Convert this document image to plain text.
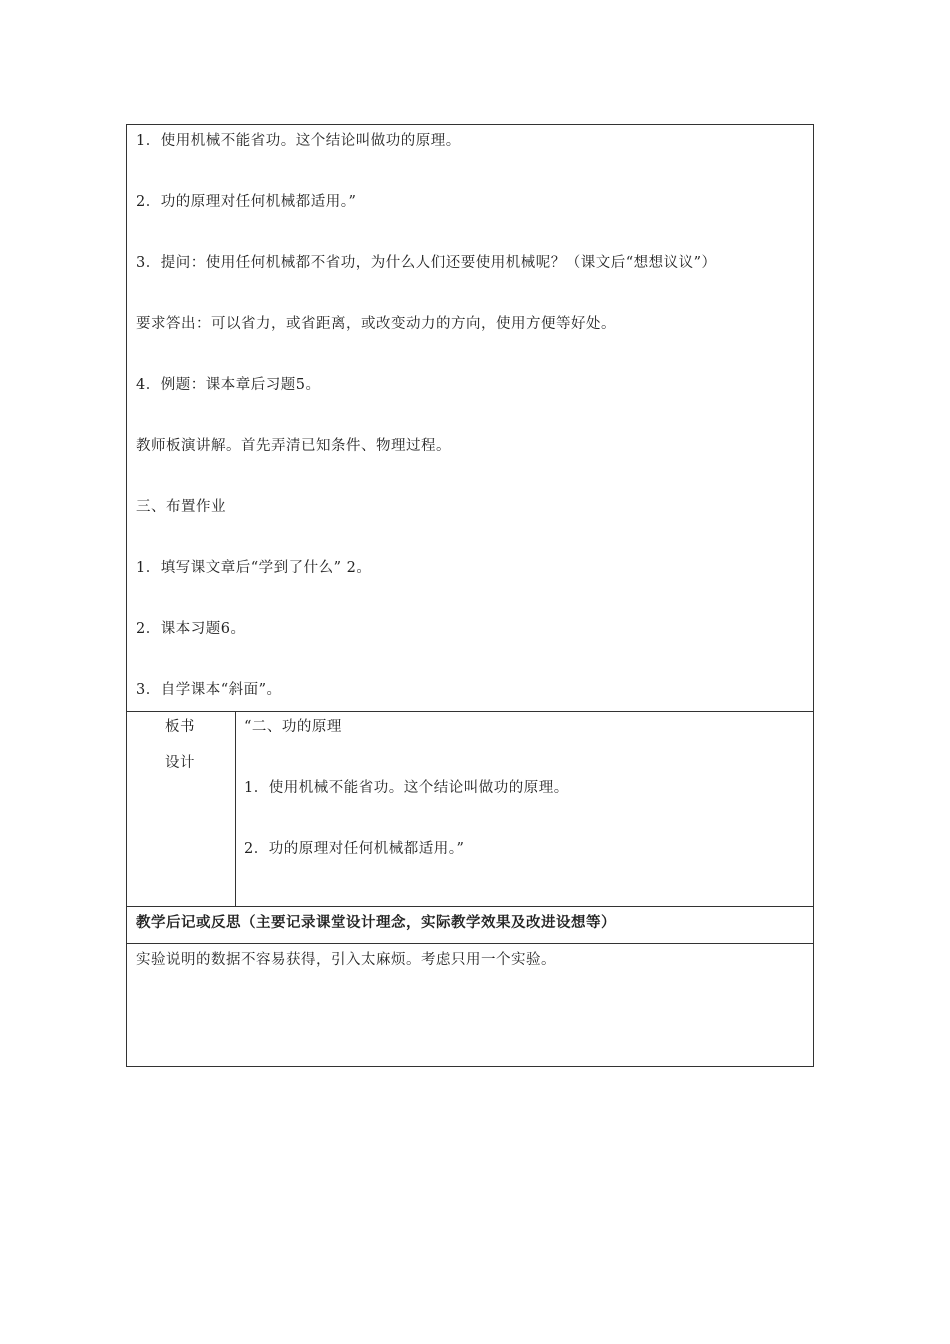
1．使用机械不能省功。这个结论叫做功的原理。
2．功的原理对任何机械都适用。”
3．提问：使用任何机械都不省功，为什么人们还要使用机械呢？（课文后“想想议议”）
要求答出：可以省力，或省距离，或改变动力的方向，使用方便等好处。
4．例题：课本章后习题5。
教师板演讲解。首先弄清已知条件、物理过程。
三、布置作业
1．填写课文章后“学到了什么” 2。
2．课本习题6。
3．自学课本“斜面”。
板书
设计
“二、功的原理
1．使用机械不能省功。这个结论叫做功的原理。
2．功的原理对任何机械都适用。”
教学后记或反思（主要记录课堂设计理念，实际教学效果及改进设想等）
实验说明的数据不容易获得，引入太麻烦。考虑只用一个实验。
